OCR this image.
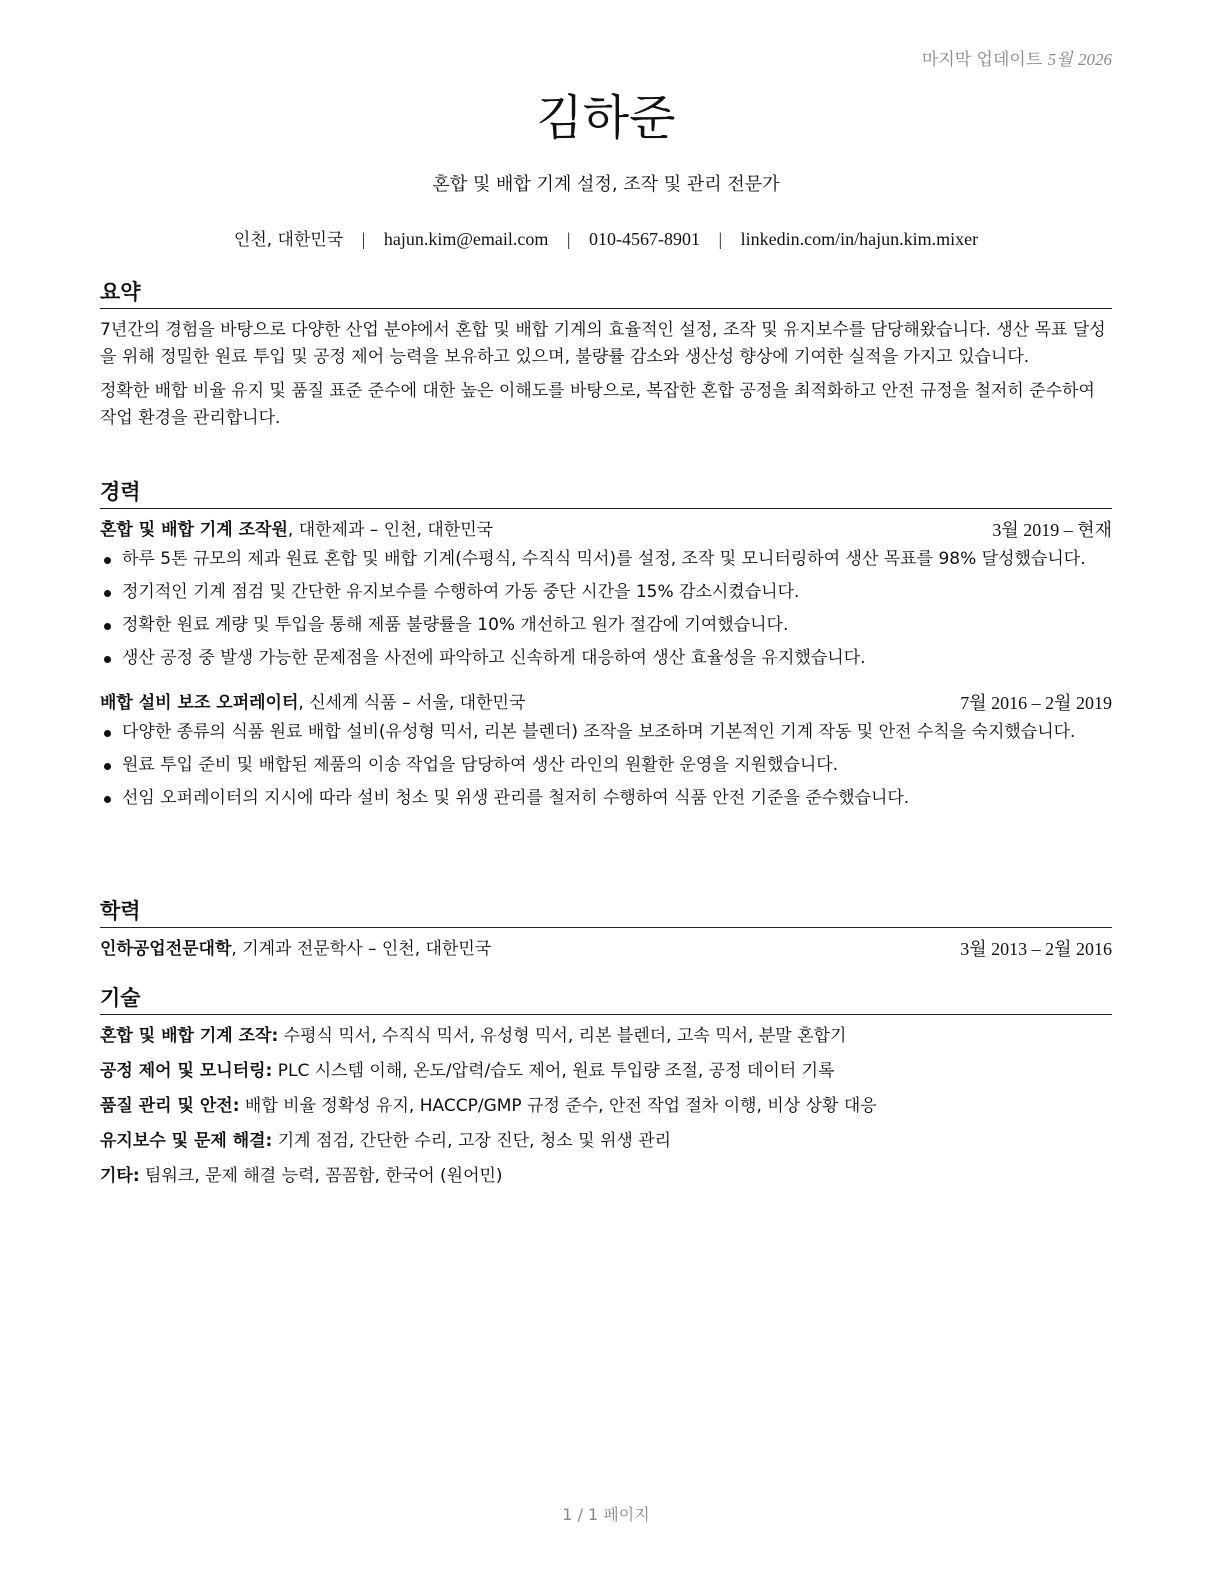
마지막 업데이트 5월 2026
김하준
혼합 및 배합 기계 설정, 조작 및 관리 전문가
인천, 대한민국 | hajun.kim@email.com | 010-4567-8901 | linkedin.com/in/hajun.kim.mixer
요약

7년간의 경험을 바탕으로 다양한 산업 분야에서 혼합 및 배합 기계의 효율적인 설정, 조작 및 유지보수를 담당해왔습니다. 생산 목표 달성을 위해 정밀한 원료 투입 및 공정 제어 능력을 보유하고 있으며, 불량률 감소와 생산성 향상에 기여한 실적을 가지고 있습니다.

정확한 배합 비율 유지 및 품질 표준 준수에 대한 높은 이해도를 바탕으로, 복잡한 혼합 공정을 최적화하고 안전 규정을 철저히 준수하여 작업 환경을 관리합니다.

경력
혼합 및 배합 기계 조작원, 대한제과 – 인천, 대한민국	3월 2019 – 현재
하루 5톤 규모의 제과 원료 혼합 및 배합 기계(수평식, 수직식 믹서)를 설정, 조작 및 모니터링하여 생산 목표를 98% 달성했습니다.
정기적인 기계 점검 및 간단한 유지보수를 수행하여 가동 중단 시간을 15% 감소시켰습니다.
정확한 원료 계량 및 투입을 통해 제품 불량률을 10% 개선하고 원가 절감에 기여했습니다.
생산 공정 중 발생 가능한 문제점을 사전에 파악하고 신속하게 대응하여 생산 효율성을 유지했습니다.
배합 설비 보조 오퍼레이터, 신세계 식품 – 서울, 대한민국	7월 2016 – 2월 2019
다양한 종류의 식품 원료 배합 설비(유성형 믹서, 리본 블렌더) 조작을 보조하며 기본적인 기계 작동 및 안전 수칙을 숙지했습니다.
원료 투입 준비 및 배합된 제품의 이송 작업을 담당하여 생산 라인의 원활한 운영을 지원했습니다.
선임 오퍼레이터의 지시에 따라 설비 청소 및 위생 관리를 철저히 수행하여 식품 안전 기준을 준수했습니다.
학력
인하공업전문대학, 기계과 전문학사 – 인천, 대한민국	3월 2013 – 2월 2016
기술
혼합 및 배합 기계 조작: 수평식 믹서, 수직식 믹서, 유성형 믹서, 리본 블렌더, 고속 믹서, 분말 혼합기
공정 제어 및 모니터링: PLC 시스템 이해, 온도/압력/습도 제어, 원료 투입량 조절, 공정 데이터 기록
품질 관리 및 안전: 배합 비율 정확성 유지, HACCP/GMP 규정 준수, 안전 작업 절차 이행, 비상 상황 대응
유지보수 및 문제 해결: 기계 점검, 간단한 수리, 고장 진단, 청소 및 위생 관리
기타: 팀워크, 문제 해결 능력, 꼼꼼함, 한국어 (원어민)
1 / 1 페이지
